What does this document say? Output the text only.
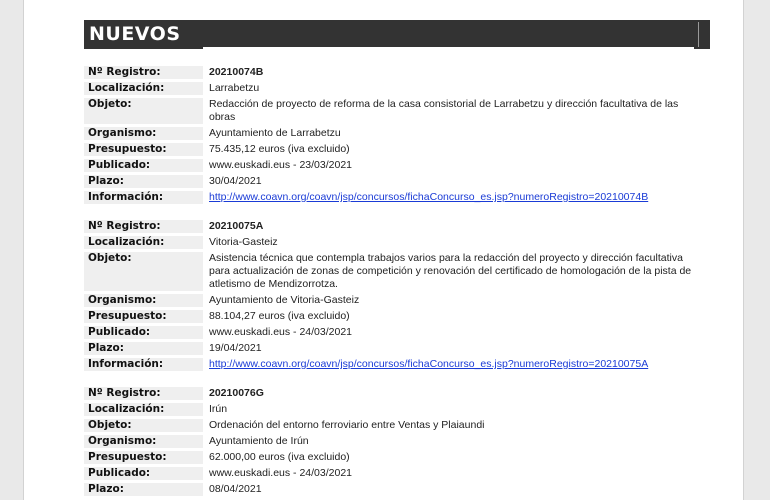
NUEVOS
Nº Registro:	20210074B
Localización:	Larrabetzu
Objeto:	Redacción de proyecto de reforma de la casa consistorial de Larrabetzu y dirección facultativa de las obras
Organismo:	Ayuntamiento de Larrabetzu
Presupuesto:	75.435,12 euros (iva excluido)
Publicado:	www.euskadi.eus - 23/03/2021
Plazo:	30/04/2021
Información:	http://www.coavn.org/coavn/jsp/concursos/fichaConcurso_es.jsp?numeroRegistro=20210074B
Nº Registro:	20210075A
Localización:	Vitoria-Gasteiz
Objeto:	Asistencia técnica que contempla trabajos varios para la redacción del proyecto y dirección facultativa para actualización de zonas de competición y renovación del certificado de homologación de la pista de atletismo de Mendizorrotza.
Organismo:	Ayuntamiento de Vitoria-Gasteiz
Presupuesto:	88.104,27 euros (iva excluido)
Publicado:	www.euskadi.eus - 24/03/2021
Plazo:	19/04/2021
Información:	http://www.coavn.org/coavn/jsp/concursos/fichaConcurso_es.jsp?numeroRegistro=20210075A
Nº Registro:	20210076G
Localización:	Irún
Objeto:	Ordenación del entorno ferroviario entre Ventas y Plaiaundi
Organismo:	Ayuntamiento de Irún
Presupuesto:	62.000,00 euros (iva excluido)
Publicado:	www.euskadi.eus - 24/03/2021
Plazo:	08/04/2021
